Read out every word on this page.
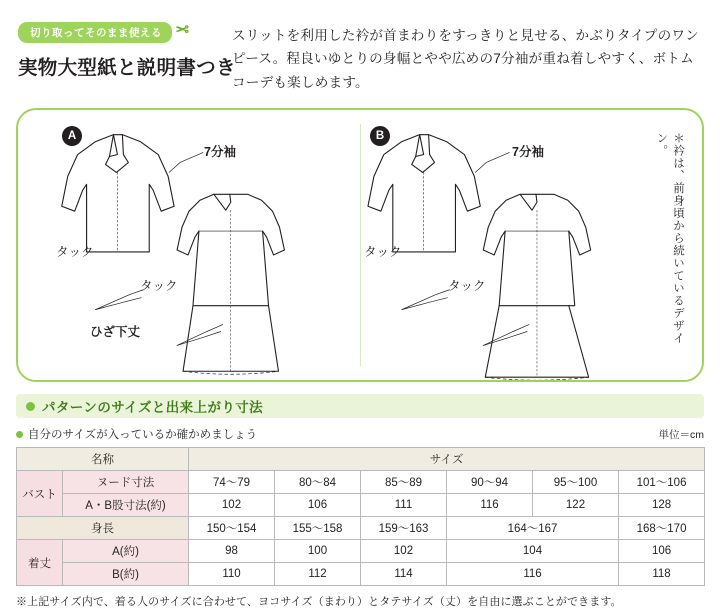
切り取ってそのまま使える ✂
実物大型紙と説明書つき
スリットを利用した衿が首まわりをすっきりと見せる、かぶりタイプのワンピース。程良いゆとりの身幅とやや広めの7分袖が重ね着しやすく、ボトムコーデも楽しめます。
A	B
7分袖
タック
タック
ひざ下丈
7分袖
タック
タック	＊衿は、前身頃から続いているデザイン。
パターンのサイズと出来上がり寸法
自分のサイズが入っているか確かめましょう	単位＝cm
名称		サイズ					
バスト	ヌード寸法	74〜79	80〜84	85〜89	90〜94	95〜100	101〜106
	A・B股寸法(約)	102	106	111	116	122	128
身長		150〜154	155〜158	159〜163	164〜167		168〜170
着丈	A(約)	98	100	102	104		106
	B(約)	110	112	114	116		118
※上記サイズ内で、着る人のサイズに合わせて、ヨコサイズ（まわり）とタテサイズ（丈）を自由に選ぶことができます。
